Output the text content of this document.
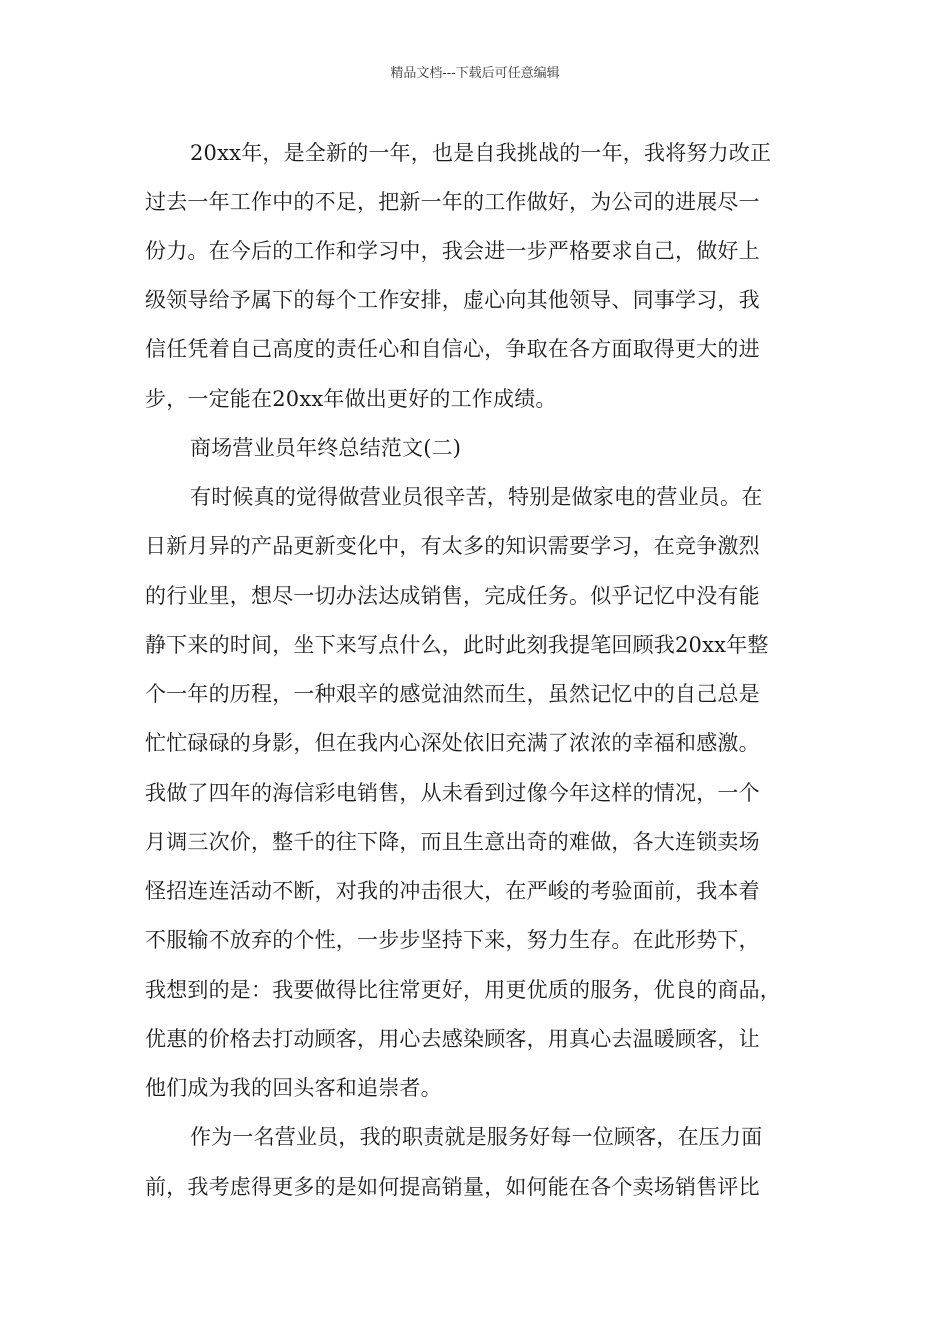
精品文档---下载后可任意编辑
20xx年，是全新的一年，也是自我挑战的一年，我将努力改正
过去一年工作中的不足，把新一年的工作做好，为公司的进展尽一
份力。在今后的工作和学习中，我会进一步严格要求自己，做好上
级领导给予属下的每个工作安排，虚心向其他领导、同事学习，我
信任凭着自己高度的责任心和自信心，争取在各方面取得更大的进
步，一定能在20xx年做出更好的工作成绩。
商场营业员年终总结范文(二)
有时候真的觉得做营业员很辛苦，特别是做家电的营业员。在
日新月异的产品更新变化中，有太多的知识需要学习，在竞争激烈
的行业里，想尽一切办法达成销售，完成任务。似乎记忆中没有能
静下来的时间，坐下来写点什么，此时此刻我提笔回顾我20xx年整
个一年的历程，一种艰辛的感觉油然而生，虽然记忆中的自己总是
忙忙碌碌的身影，但在我内心深处依旧充满了浓浓的幸福和感激。
我做了四年的海信彩电销售，从未看到过像今年这样的情况，一个
月调三次价，整千的往下降，而且生意出奇的难做，各大连锁卖场
怪招连连活动不断，对我的冲击很大，在严峻的考验面前，我本着
不服输不放弃的个性，一步步坚持下来，努力生存。在此形势下，
我想到的是：我要做得比往常更好，用更优质的服务，优良的商品，
优惠的价格去打动顾客，用心去感染顾客，用真心去温暖顾客，让
他们成为我的回头客和追崇者。
作为一名营业员，我的职责就是服务好每一位顾客，在压力面
前，我考虑得更多的是如何提高销量，如何能在各个卖场销售评比
